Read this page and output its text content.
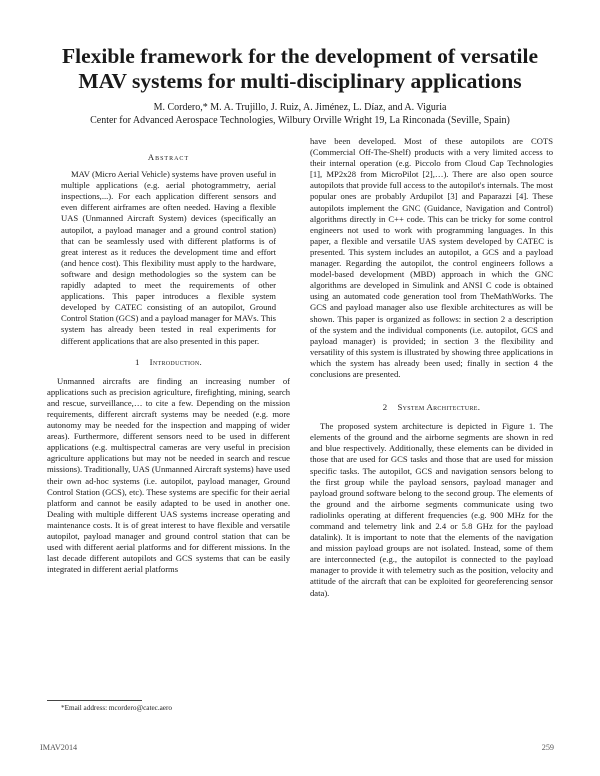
Flexible framework for the development of versatile
MAV systems for multi-disciplinary applications
M. Cordero,* M. A. Trujillo, J. Ruiz, A. Jiménez, L. Díaz, and A. Viguria
Center for Advanced Aerospace Technologies, Wilbury Orville Wright 19, La Rinconada (Seville, Spain)
Abstract

MAV (Micro Aerial Vehicle) systems have proven useful in multiple applications (e.g. aerial photogrammetry, aerial inspections,...). For each application different sensors and even different airframes are often needed. Having a flexible UAS (Unmanned Aircraft System) devices (specifically an autopilot, a payload manager and a ground control station) that can be seamlessly used with different platforms is of great interest as it reduces the development time and effort (and hence cost). This flexibility must apply to the hardware, software and design methodologies so the system can be rapidly adapted to meet the requirements of other applications. This paper introduces a flexible system developed by CATEC consisting of an autopilot, Ground Control Station (GCS) and a payload manager for MAVs. This system has already been tested in real experiments for different applications that are also presented in this paper.

1 Introduction.

Unmanned aircrafts are finding an increasing number of applications such as precision agriculture, firefighting, mining, search and rescue, surveillance,… to cite a few. Depending on the mission requirements, different aircraft systems may be needed (e.g. more autonomy may be needed for the inspection and mapping of wider areas). Furthermore, different sensors need to be used in different applications (e.g. multispectral cameras are very useful in precision agriculture applications but may not be needed in search and rescue missions). Traditionally, UAS (Unmanned Aircraft systems) have used their own ad-hoc systems (i.e. autopilot, payload manager, Ground Control Station (GCS), etc). These systems are specific for their aerial platform and cannot be easily adapted to be used in another one. Dealing with multiple different UAS systems increase operating and maintenance costs. It is of great interest to have flexible and versatile autopilot, payload manager and ground control station that can be used with different aerial platforms and for different missions. In the last decade different autopilots and GCS systems that can be easily integrated in different aerial platforms

have been developed. Most of these autopilots are COTS (Commercial Off-The-Shelf) products with a very limited access to their internal operation (e.g. Piccolo from Cloud Cap Technologies [1], MP2x28 from MicroPilot [2],…). There are also open source autopilots that provide full access to the autopilot's internals. The most popular ones are probably Ardupilot [3] and Paparazzi [4]. These autopilots implement the GNC (Guidance, Navigation and Control) algorithms directly in C++ code. This can be tricky for some control engineers not used to work with programming languages. In this paper, a flexible and versatile UAS system developed by CATEC is presented. This system includes an autopilot, a GCS and a payload manager. Regarding the autopilot, the control engineers follows a model-based development (MBD) approach in which the GNC algorithms are developed in Simulink and ANSI C code is obtained using an automated code generation tool from TheMathWorks. The GCS and payload manager also use flexible architectures as will be shown. This paper is organized as follows: in section 2 a description of the system and the individual components (i.e. autopilot, GCS and payload manager) is provided; in section 3 the flexibility and versatility of this system is illustrated by showing three applications in which the system has already been used; finally in section 4 the conclusions are presented.

2 System Architecture.

The proposed system architecture is depicted in Figure 1. The elements of the ground and the airborne segments are shown in red and blue respectively. Additionally, these elements can be divided in those that are used for GCS tasks and those that are used for mission specific tasks. The autopilot, GCS and navigation sensors belong to the first group while the payload sensors, payload manager and payload ground software belong to the second group. The elements of the ground and the airborne segments communicate using two radiolinks operating at different frequencies (e.g. 900 MHz for the command and telemetry link and 2.4 or 5.8 GHz for the payload datalink). It is important to note that the elements of the navigation and mission payload groups are not isolated. Instead, some of them are interconnected (e.g., the autopilot is connected to the payload manager to provide it with telemetry such as the position, velocity and attitude of the aircraft that can be exploited for georeferencing sensor data).

*Email address: mcordero@catec.aero
IMAV2014	259
